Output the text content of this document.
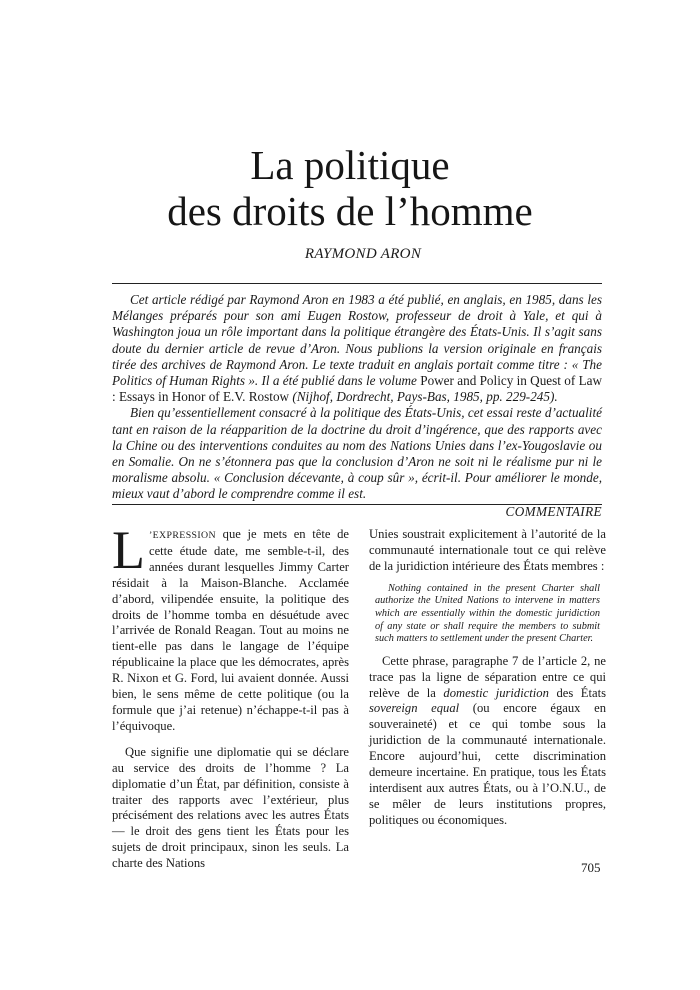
La politique
des droits de l’homme
RAYMOND ARON

Cet article rédigé par Raymond Aron en 1983 a été publié, en anglais, en 1985, dans les Mélanges préparés pour son ami Eugen Rostow, professeur de droit à Yale, et qui à Washington joua un rôle important dans la politique étrangère des États-Unis. Il s’agit sans doute du dernier article de revue d’Aron. Nous publions la version originale en français tirée des archives de Raymond Aron. Le texte traduit en anglais portait comme titre : « The Politics of Human Rights ». Il a été publié dans le volume Power and Policy in Quest of Law : Essays in Honor of E.V. Rostow (Nijhof, Dordrecht, Pays-Bas, 1985, pp. 229-245).

Bien qu’essentiellement consacré à la politique des États-Unis, cet essai reste d’actualité tant en raison de la réapparition de la doctrine du droit d’ingérence, que des rapports avec la Chine ou des interventions conduites au nom des Nations Unies dans l’ex-Yougoslavie ou en Somalie. On ne s’étonnera pas que la conclusion d’Aron ne soit ni le réalisme pur ni le moralisme absolu. « Conclusion décevante, à coup sûr », écrit-il. Pour améliorer le monde, mieux vaut d’abord le comprendre comme il est.

COMMENTAIRE

L ’EXPRESSION que je mets en tête de cette étude date, me semble-t-il, des années durant lesquelles Jimmy Carter résidait à la Maison-Blanche. Acclamée d’abord, vilipendée ensuite, la politique des droits de l’homme tomba en désuétude avec l’arrivée de Ronald Reagan. Tout au moins ne tient-elle pas dans le langage de l’équipe républicaine la place que les démocrates, après R. Nixon et G. Ford, lui avaient donnée. Aussi bien, le sens même de cette politique (ou la formule que j’ai retenue) n’échappe-t-il pas à l’équivoque.

Que signifie une diplomatie qui se déclare au service des droits de l’homme ? La diplomatie d’un État, par définition, consiste à traiter des rapports avec l’extérieur, plus précisément des relations avec les autres États — le droit des gens tient les États pour les sujets de droit principaux, sinon les seuls. La charte des Nations

Unies soustrait explicitement à l’autorité de la communauté internationale tout ce qui relève de la juridiction intérieure des États membres :

Nothing contained in the present Charter shall authorize the United Nations to intervene in matters which are essentially within the domestic juridiction of any state or shall require the members to submit such matters to settlement under the present Charter.

Cette phrase, paragraphe 7 de l’article 2, ne trace pas la ligne de séparation entre ce qui relève de la domestic juridiction des États sovereign equal (ou encore égaux en souveraineté) et ce qui tombe sous la juridiction de la communauté internationale. Encore aujourd’hui, cette discrimination demeure incertaine. En pratique, tous les États interdisent aux autres États, ou à l’O.N.U., de se mêler de leurs institutions propres, politiques ou économiques.

705
